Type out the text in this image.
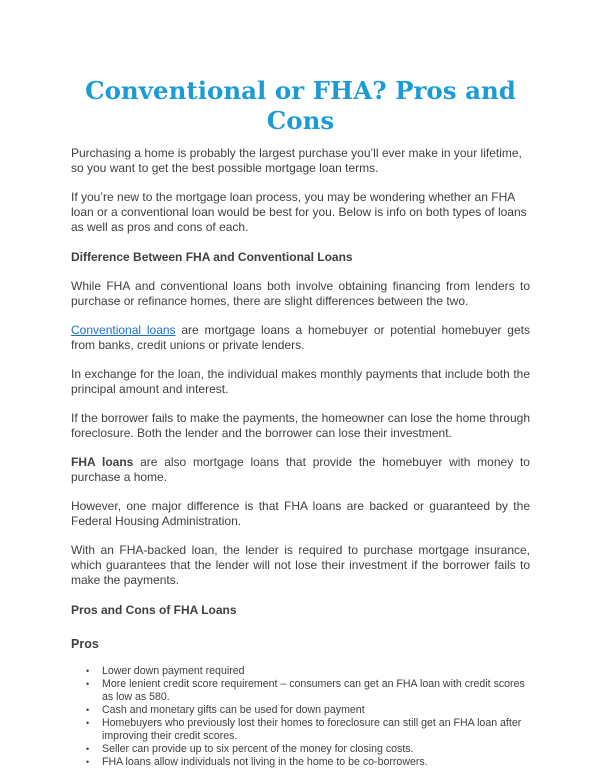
Conventional or FHA? Pros and Cons

Purchasing a home is probably the largest purchase you’ll ever make in your lifetime, so you want to get the best possible mortgage loan terms.

If you’re new to the mortgage loan process, you may be wondering whether an FHA loan or a conventional loan would be best for you. Below is info on both types of loans as well as pros and cons of each.

Difference Between FHA and Conventional Loans

While FHA and conventional loans both involve obtaining financing from lenders to purchase or refinance homes, there are slight differences between the two.

Conventional loans are mortgage loans a homebuyer or potential homebuyer gets from banks, credit unions or private lenders.

In exchange for the loan, the individual makes monthly payments that include both the principal amount and interest.

If the borrower fails to make the payments, the homeowner can lose the home through foreclosure. Both the lender and the borrower can lose their investment.

FHA loans are also mortgage loans that provide the homebuyer with money to purchase a home.

However, one major difference is that FHA loans are backed or guaranteed by the Federal Housing Administration.

With an FHA-backed loan, the lender is required to purchase mortgage insurance, which guarantees that the lender will not lose their investment if the borrower fails to make the payments.

Pros and Cons of FHA Loans
Pros
• Lower down payment required
• More lenient credit score requirement – consumers can get an FHA loan with credit scores as low as 580.
• Cash and monetary gifts can be used for down payment
• Homebuyers who previously lost their homes to foreclosure can still get an FHA loan after improving their credit scores.
• Seller can provide up to six percent of the money for closing costs.
• FHA loans allow individuals not living in the home to be co-borrowers.
